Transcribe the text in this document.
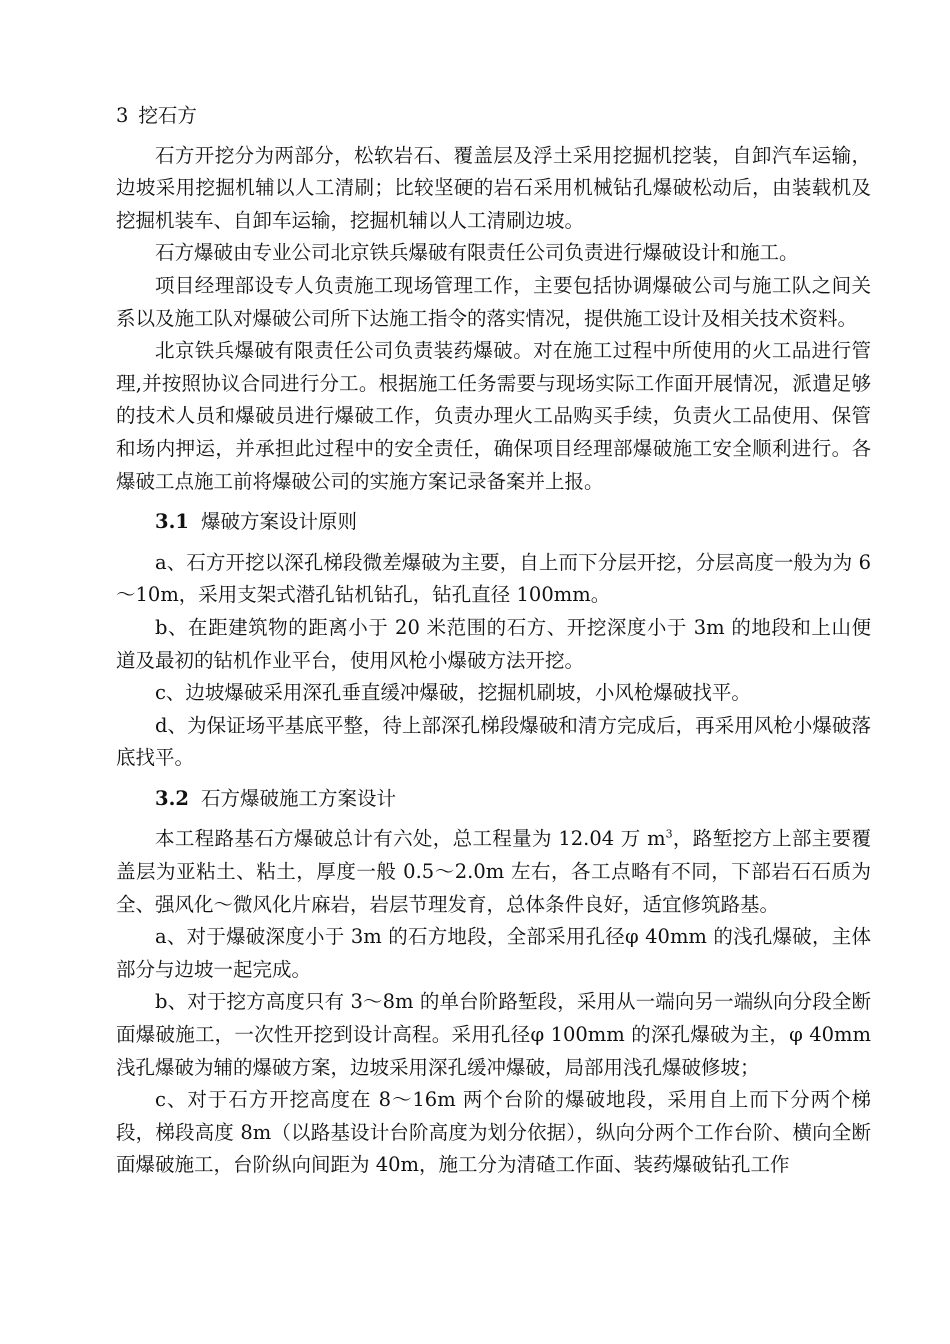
3 挖石方

石方开挖分为两部分，松软岩石、覆盖层及浮土采用挖掘机挖装，自卸汽车运输，边坡采用挖掘机辅以人工清刷；比较坚硬的岩石采用机械钻孔爆破松动后，由装载机及挖掘机装车、自卸车运输，挖掘机辅以人工清刷边坡。

石方爆破由专业公司北京铁兵爆破有限责任公司负责进行爆破设计和施工。

项目经理部设专人负责施工现场管理工作，主要包括协调爆破公司与施工队之间关系以及施工队对爆破公司所下达施工指令的落实情况，提供施工设计及相关技术资料。

北京铁兵爆破有限责任公司负责装药爆破。对在施工过程中所使用的火工品进行管理,并按照协议合同进行分工。根据施工任务需要与现场实际工作面开展情况，派遣足够的技术人员和爆破员进行爆破工作，负责办理火工品购买手续，负责火工品使用、保管和场内押运，并承担此过程中的安全责任，确保项目经理部爆破施工安全顺利进行。各爆破工点施工前将爆破公司的实施方案记录备案并上报。

3.1 爆破方案设计原则

a、石方开挖以深孔梯段微差爆破为主要，自上而下分层开挖，分层高度一般为为 6～10m，采用支架式潜孔钻机钻孔，钻孔直径 100mm。

b、在距建筑物的距离小于 20 米范围的石方、开挖深度小于 3m 的地段和上山便道及最初的钻机作业平台，使用风枪小爆破方法开挖。

c、边坡爆破采用深孔垂直缓冲爆破，挖掘机刷坡，小风枪爆破找平。

d、为保证场平基底平整，待上部深孔梯段爆破和清方完成后，再采用风枪小爆破落底找平。

3.2 石方爆破施工方案设计

本工程路基石方爆破总计有六处，总工程量为 12.04 万 $m^3$，路堑挖方上部主要覆盖层为亚粘土、粘土，厚度一般 0.5～2.0m 左右，各工点略有不同，下部岩石石质为全、强风化～微风化片麻岩，岩层节理发育，总体条件良好，适宜修筑路基。

a、对于爆破深度小于 3m 的石方地段，全部采用孔径φ 40mm 的浅孔爆破，主体部分与边坡一起完成。

b、对于挖方高度只有 3～8m 的单台阶路堑段，采用从一端向另一端纵向分段全断面爆破施工，一次性开挖到设计高程。采用孔径φ 100mm 的深孔爆破为主，φ 40mm 浅孔爆破为辅的爆破方案，边坡采用深孔缓冲爆破，局部用浅孔爆破修坡；

c、对于石方开挖高度在 8～16m 两个台阶的爆破地段，采用自上而下分两个梯段，梯段高度 8m（以路基设计台阶高度为划分依据），纵向分两个工作台阶、横向全断面爆破施工，台阶纵向间距为 40m，施工分为清碴工作面、装药爆破钻孔工作
